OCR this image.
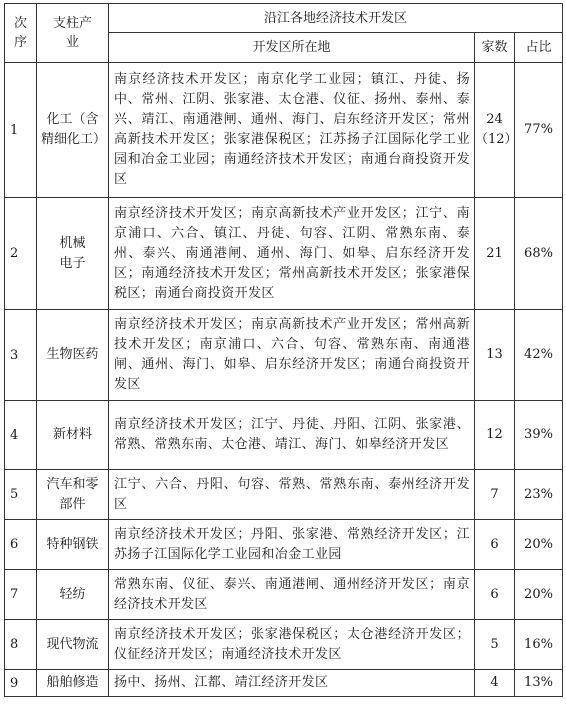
次序	支柱产业	沿江各地经济技术开发区		
		开发区所在地	家数	占比
1	化工（含精细化工）	南京经济技术开发区；南京化学工业园；镇江、丹徒、扬中、常州、江阴、张家港、太仓港、仪征、扬州、泰州、泰兴、靖江、南通港闸、通州、海门、启东经济开发区；常州高新技术开发区；张家港保税区；江苏扬子江国际化学工业园和冶金工业园；南通经济技术开发区；南通台商投资开发区	24（12）	77%
2	机械电子	南京经济技术开发区；南京高新技术产业开发区；江宁、南京浦口、六合、镇江、丹徒、句容、江阴、常熟东南、泰州、泰兴、南通港闸、通州、海门、如皋、启东经济开发区；南通经济技术开发区；常州高新技术开发区；张家港保税区；南通台商投资开发区	21	68%
3	生物医药	南京经济技术开发区；南京高新技术产业开发区；常州高新技术开发区；南京浦口、六合、句容、常熟东南、南通港闸、通州、海门、如皋、启东经济开发区；南通台商投资开发区	13	42%
4	新材料	南京经济技术开发区；江宁、丹徒、丹阳、江阴、张家港、常熟、常熟东南、太仓港、靖江、海门、如皋经济开发区	12	39%
5	汽车和零部件	江宁、六合、丹阳、句容、常熟、常熟东南、泰州经济开发区	7	23%
6	特种钢铁	南京经济技术开发区；丹阳、张家港、常熟经济开发区；江苏扬子江国际化学工业园和冶金工业园	6	20%
7	轻纺	常熟东南、仪征、泰兴、南通港闸、通州经济开发区；南京经济技术开发区	6	20%
8	现代物流	南京经济技术开发区；张家港保税区；太仓港经济开发区；仪征经济开发区；南通经济技术开发区	5	16%
9	船舶修造	扬中、扬州、江都、靖江经济开发区	4	13%
